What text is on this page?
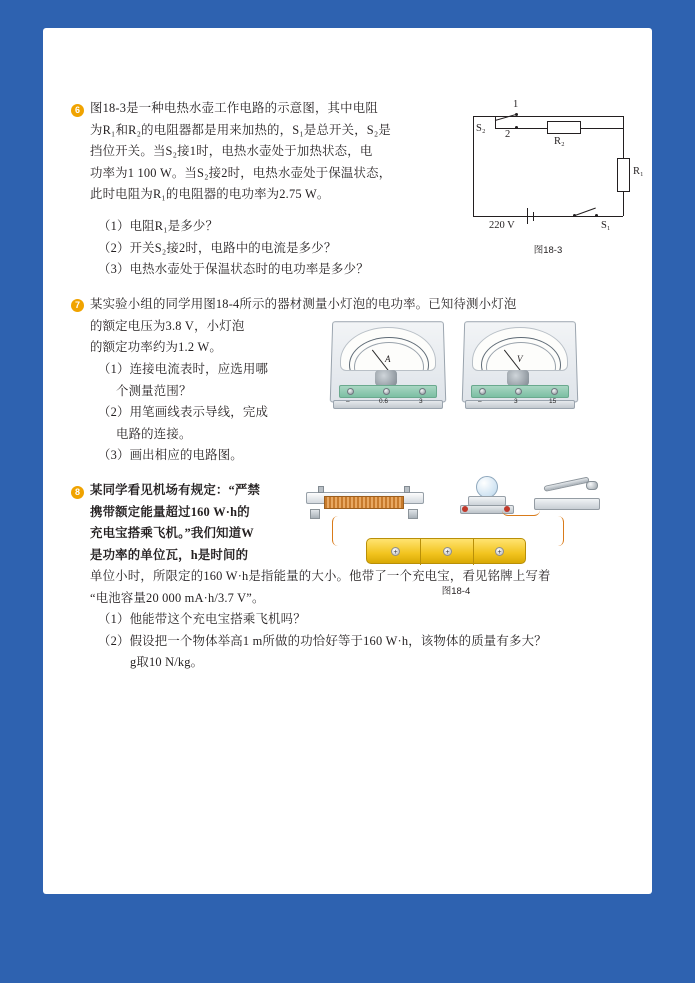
6 图18-3是一种电热水壶工作电路的示意图，其中电阻
为R₁和R₂的电阻器都是用来加热的，S₁是总开关，S₂是
挡位开关。当S₂接1时，电热水壶处于加热状态，电
功率为1 100 W。当S₂接2时，电热水壶处于保温状态，
此时电阻为R₁的电阻器的电功率为2.75 W。
（1）电阻R₁是多少？
（2）开关S₂接2时，电路中的电流是多少？
（3）电热水壶处于保温状态时的电功率是多少？
1
2
S₂
R₂
R₁
220 V	S₁
图18-3
7 某实验小组的同学用图18-4所示的器材测量小灯泡的电功率。已知待测小灯泡
的额定电压为3.8 V，小灯泡
的额定功率约为1.2 W。
（1）连接电流表时，应选用哪
个测量范围？
（2）用笔画线表示导线，完成
电路的连接。
（3）画出相应的电路图。
A
–	0.6	3
V
–	3	15
8 某同学看见机场有规定：“严禁
携带额定能量超过160 W·h的
充电宝搭乘飞机。”我们知道W
是功率的单位瓦，h是时间的
单位小时，所限定的160 W·h是指能量的大小。他带了一个充电宝，看见铭牌上写着
“电池容量20 000 mA·h/3.7 V”。
（1）他能带这个充电宝搭乘飞机吗？
（2）假设把一个物体举高1 m所做的功恰好等于160 W·h，该物体的质量有多大？
g取10 N/kg。
+	+	+
图18-4
